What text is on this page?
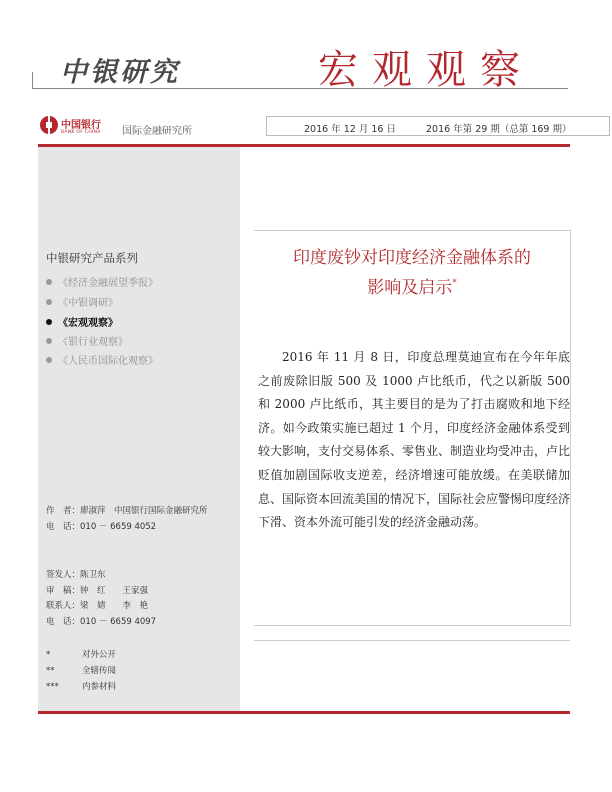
中银研究	宏观观察
中国银行
BANK OF CHINA 国际金融研究所	2016 年 12 月 16 日	2016 年第 29 期（总第 169 期）
中银研究产品系列
《经济金融展望季报》
《中银调研》
《宏观观察》
《银行业观察》
《人民币国际化观察》
作　者：廖淑萍　中国银行国际金融研究所
电　话：010 － 6659 4052
签发人：陈卫东
审　稿：钟　红　　王家强
联系人：梁　婧　　李　艳
电　话：010 － 6659 4097
*	对外公开
**	全辖传阅
***	内参材料
印度废钞对印度经济金融体系的
影响及启示*
2016 年 11 月 8 日，印度总理莫迪宣布在今年年底之前废除旧版 500 及 1000 卢比纸币，代之以新版 500 和 2000 卢比纸币，其主要目的是为了打击腐败和地下经济。如今政策实施已超过 1 个月，印度经济金融体系受到较大影响，支付交易体系、零售业、制造业均受冲击，卢比贬值加剧国际收支逆差，经济增速可能放缓。在美联储加息、国际资本回流美国的情况下，国际社会应警惕印度经济下滑、资本外流可能引发的经济金融动荡。
